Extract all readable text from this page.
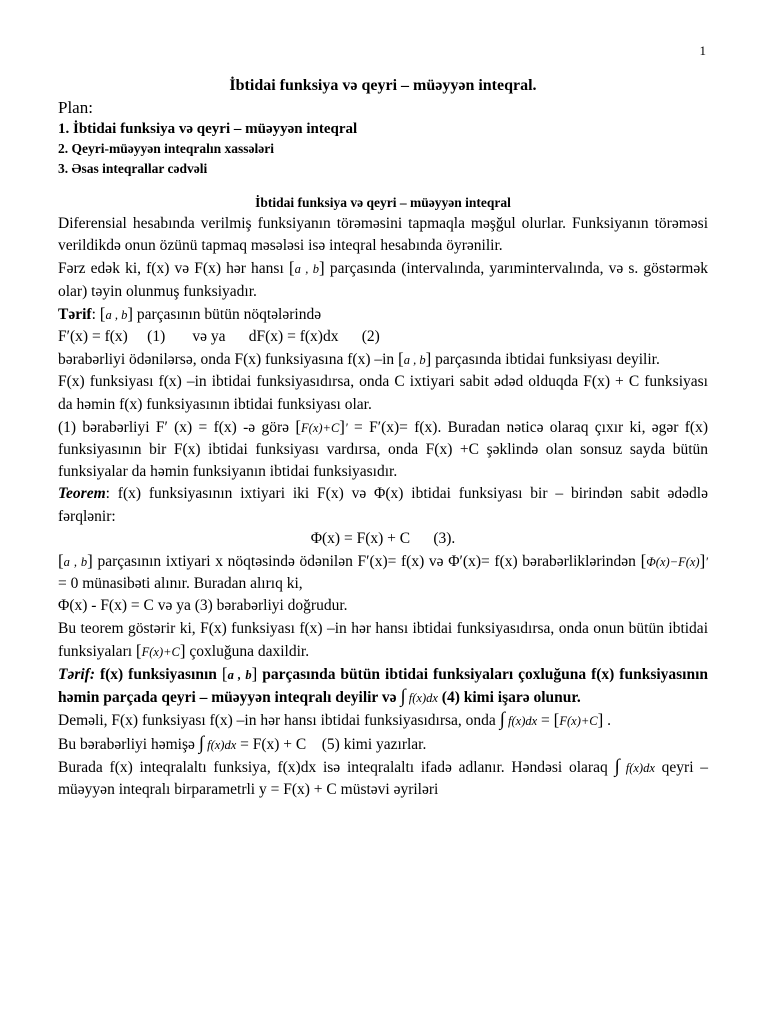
1

İbtidai funksiya və qeyri – müəyyən inteqral.

Plan:
1. İbtidai funksiya və qeyri – müəyyən inteqral
2. Qeyri-müəyyən inteqralın xassələri
3. Əsas inteqrallar cədvəli
İbtidai funksiya və qeyri – müəyyən inteqral
Diferensial hesabında verilmiş funksiyanın törəməsini tapmaqla məşğul olurlar. Funksiyanın törəməsi verildikdə onun özünü tapmaq məsələsi isə inteqral hesabında öyrənilir.
Fərz edək ki, f(x) və F(x) hər hansı [a , b] parçasında (intervalında, yarımintervalında, və s. göstərmək olar) təyin olunmuş funksiyadır.
Tərif: [a , b] parçasının bütün nöqtələrində
F′(x) = f(x)     (1)       və ya      dF(x) = f(x)dx      (2)
bərabərliyi ödənilərsə, onda F(x) funksiyasına f(x) –in [a , b] parçasında ibtidai funksiyası deyilir.
F(x) funksiyası f(x) –in ibtidai funksiyasıdırsa, onda C ixtiyari sabit ədəd olduqda F(x) + C funksiyası da həmin f(x) funksiyasının ibtidai funksiyası olar.
(1) bərabərliyi F′ (x) = f(x) -ə görə [F(x)+C]′ = F′(x)= f(x). Buradan nəticə olaraq çıxır ki, əgər f(x) funksiyasının bir F(x) ibtidai funksiyası vardırsa, onda F(x) +C şəklində olan sonsuz sayda bütün funksiyalar da həmin funksiyanın ibtidai funksiyasıdır.
Teorem: f(x) funksiyasının ixtiyari iki F(x) və Φ(x) ibtidai funksiyası bir – birindən sabit ədədlə fərqlənir:
Φ(x) = F(x) + C      (3).
[a , b] parçasının ixtiyari x nöqtəsində ödənilən F′(x)= f(x) və Φ′(x)= f(x) bərabərliklərindən [Φ(x)−F(x)]′ = 0 münasibəti alınır. Buradan alırıq ki,
Φ(x) - F(x) = C və ya (3) bərabərliyi doğrudur.
Bu teorem göstərir ki, F(x) funksiyası f(x) –in hər hansı ibtidai funksiyasıdırsa, onda onun bütün ibtidai funksiyaları [F(x)+C] çoxluğuna daxildir.
Tərif: f(x) funksiyasının [a , b] parçasında bütün ibtidai funksiyaları çoxluğuna f(x) funksiyasının həmin parçada qeyri – müəyyən inteqralı deyilir və ∫ f(x)dx (4) kimi işarə olunur.
Deməli, F(x) funksiyası f(x) –in hər hansı ibtidai funksiyasıdırsa, onda ∫ f(x)dx = [F(x)+C] .
Bu bərabərliyi həmişə ∫ f(x)dx = F(x) + C    (5) kimi yazırlar.
Burada f(x) inteqralaltı funksiya, f(x)dx isə inteqralaltı ifadə adlanır. Həndəsi olaraq ∫ f(x)dx qeyri – müəyyən inteqralı birparametrli y = F(x) + C müstəvi əyriləri
